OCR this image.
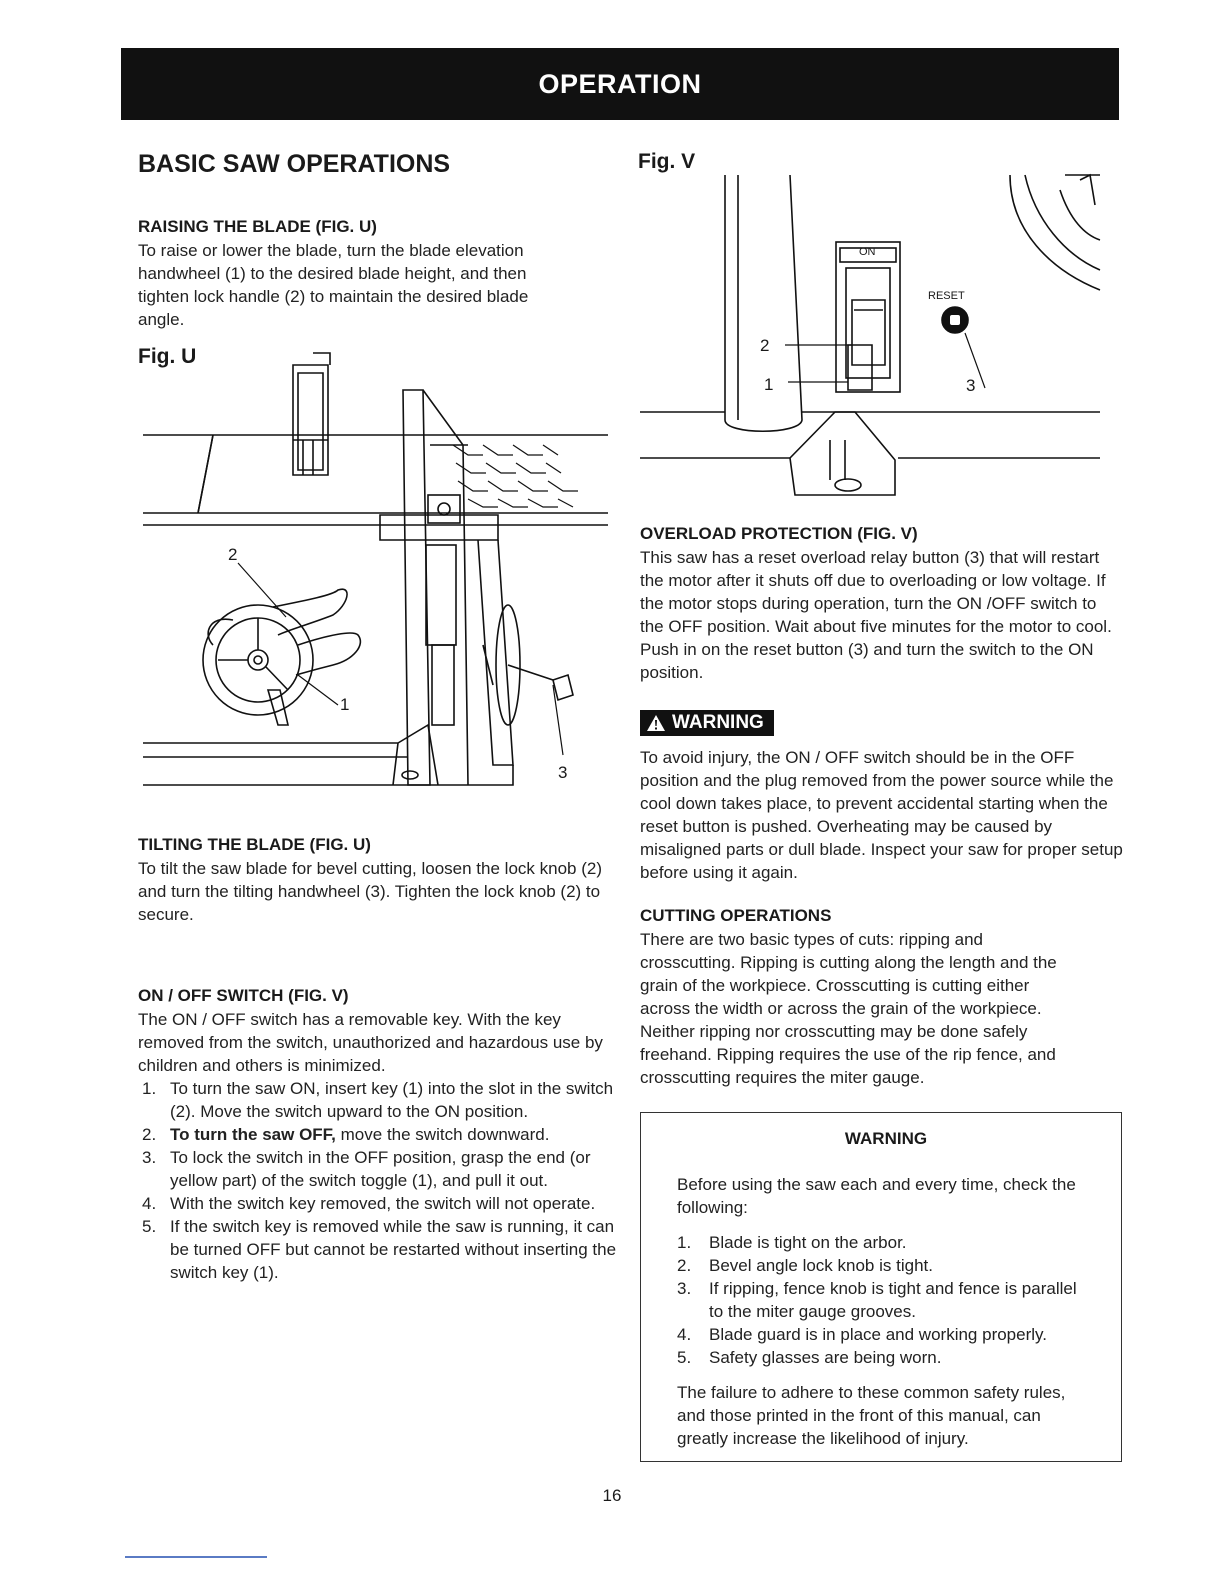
OPERATION
BASIC SAW OPERATIONS
RAISING THE BLADE (FIG. U)

To raise or lower the blade, turn the blade elevation handwheel (1) to the desired blade height, and then tighten lock handle (2) to maintain the desired blade angle.

Fig. U
2
1
3
TILTING THE BLADE (FIG. U)

To tilt the saw blade for bevel cutting, loosen the lock knob (2) and turn the tilting handwheel (3). Tighten the lock knob (2) to secure.

ON / OFF SWITCH (FIG. V)

The ON / OFF switch has a removable key. With the key removed from the switch, unauthorized and hazardous use by children and others is minimized.

1. To turn the saw ON, insert key (1) into the slot in the switch (2). Move the switch upward to the ON position.
2. To turn the saw OFF, move the switch downward.
3. To lock the switch in the OFF position, grasp the end (or yellow part) of the switch toggle (1), and pull it out.
4. With the switch key removed, the switch will not operate.
5. If the switch key is removed while the saw is running, it can be turned OFF but cannot be restarted without inserting the switch key (1).
Fig. V
ON
RESET
2
1	3
OVERLOAD PROTECTION (FIG. V)

This saw has a reset overload relay button (3) that will restart the motor after it shuts off due to overloading or low voltage. If the motor stops during operation, turn the ON /OFF switch to the OFF position. Wait about five minutes for the motor to cool. Push in on the reset button (3) and turn the switch to the ON position.

WARNING

To avoid injury, the ON / OFF switch should be in the OFF position and the plug removed from the power source while the cool down takes place, to prevent accidental starting when the reset button is pushed. Overheating may be caused by misaligned parts or dull blade. Inspect your saw for proper setup before using it again.

CUTTING OPERATIONS

There are two basic types of cuts: ripping and crosscutting. Ripping is cutting along the length and the grain of the workpiece. Crosscutting is cutting either across the width or across the grain of the workpiece. Neither ripping nor crosscutting may be done safely freehand. Ripping requires the use of the rip fence, and crosscutting requires the miter gauge.

WARNING

Before using the saw each and every time, check the following:

1.	Blade is tight on the arbor.
2.	Bevel angle lock knob is tight.
3.	If ripping, fence knob is tight and fence is parallel to the miter gauge grooves.
4.	Blade guard is in place and working properly.
5.	Safety glasses are being worn.

The failure to adhere to these common safety rules, and those printed in the front of this manual, can greatly increase the likelihood of injury.

16
